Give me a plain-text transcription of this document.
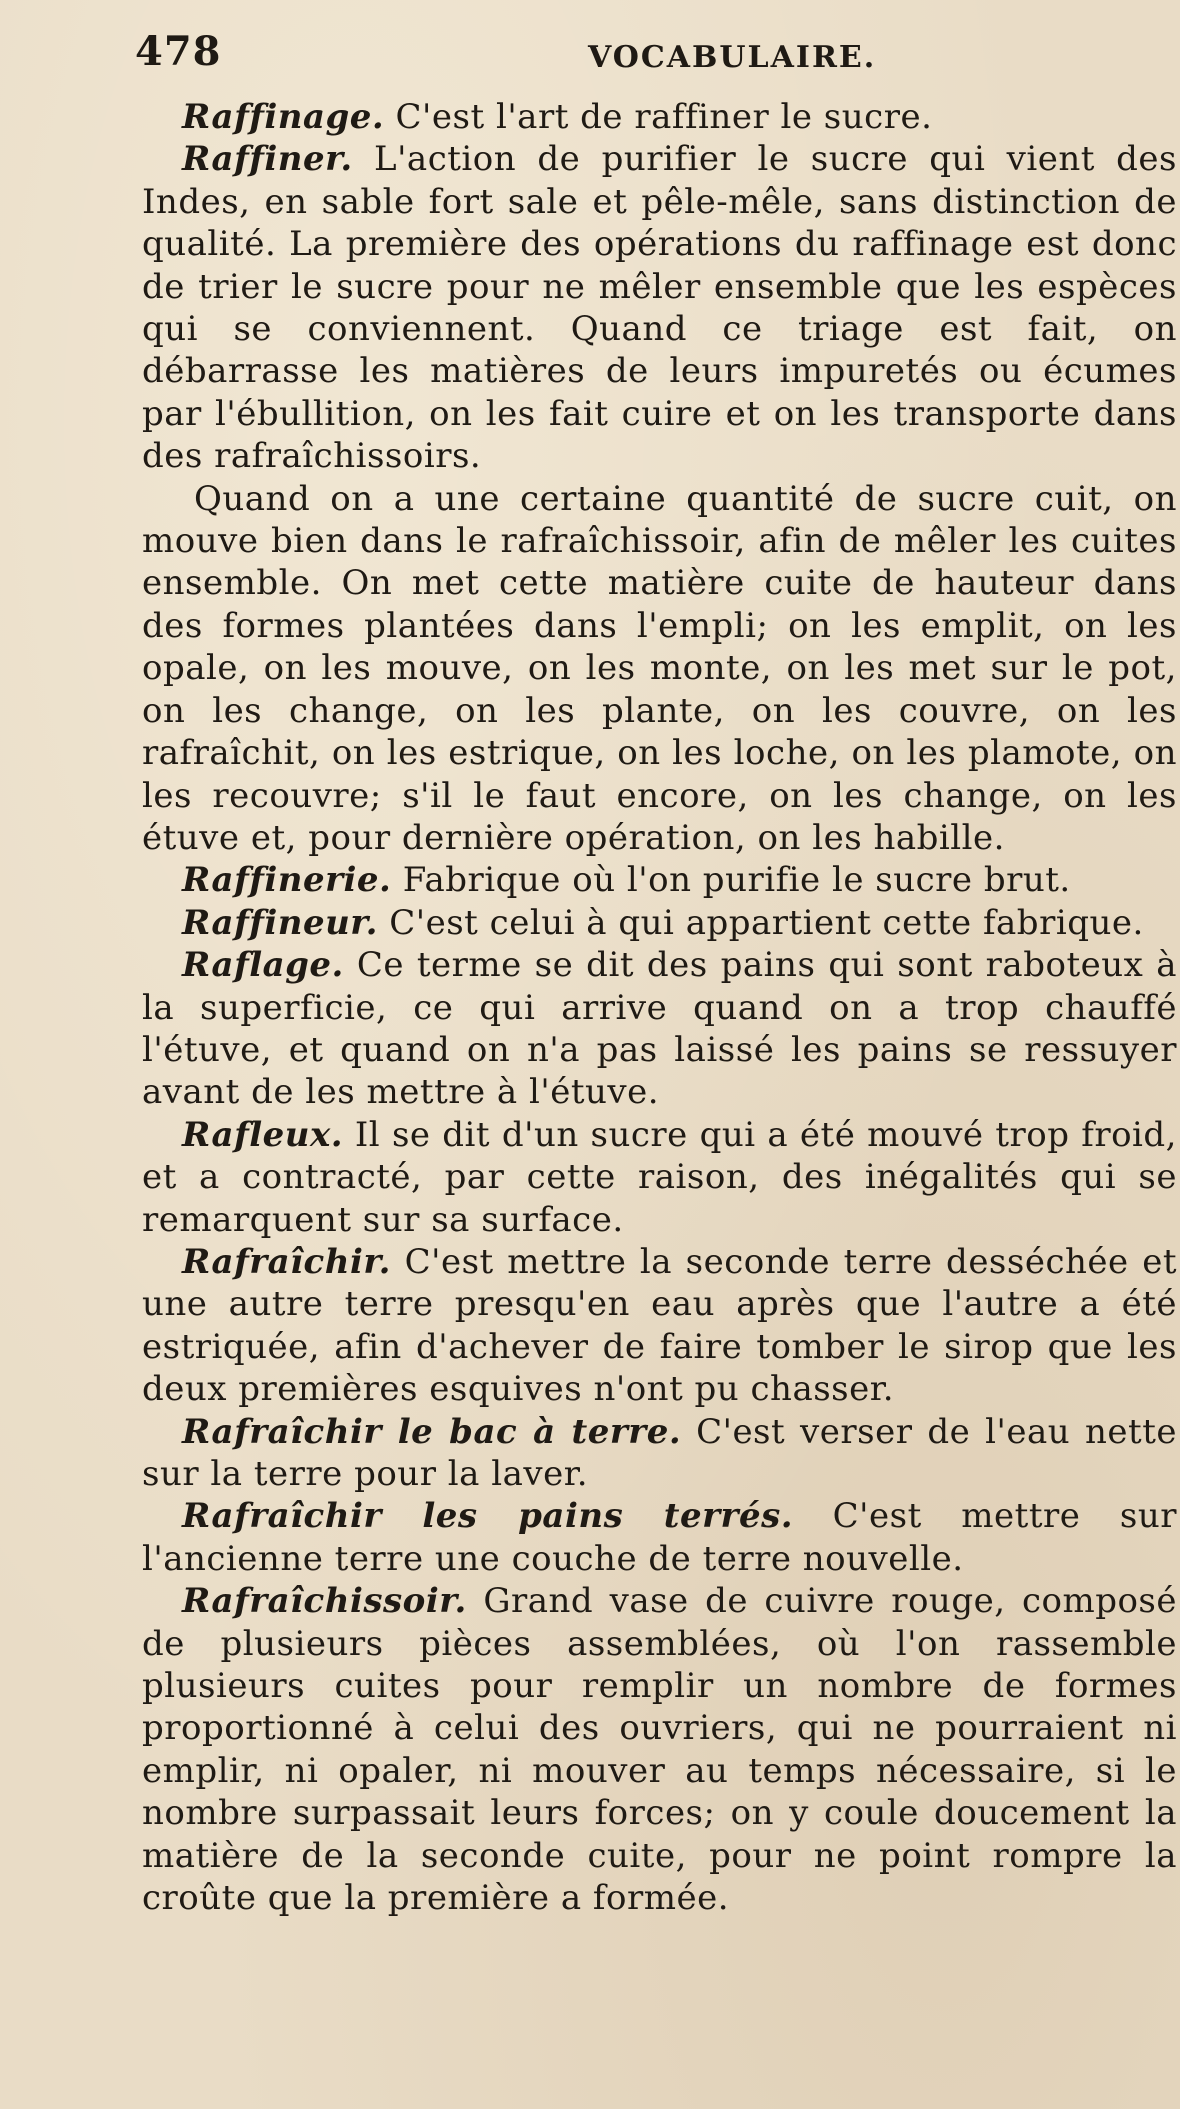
478	VOCABULAIRE.

Raffinage. C'est l'art de raffiner le sucre.

Raffiner. L'action de purifier le sucre qui vient des Indes, en sable fort sale et pêle-mêle, sans distinction de qualité. La première des opérations du raffinage est donc de trier le sucre pour ne mêler ensemble que les espèces qui se conviennent. Quand ce triage est fait, on débarrasse les matières de leurs impuretés ou écumes par l'ébullition, on les fait cuire et on les transporte dans des rafraîchissoirs.

Quand on a une certaine quantité de sucre cuit, on mouve bien dans le rafraîchissoir, afin de mêler les cuites ensemble. On met cette matière cuite de hauteur dans des formes plantées dans l'empli; on les emplit, on les opale, on les mouve, on les monte, on les met sur le pot, on les change, on les plante, on les couvre, on les rafraîchit, on les estrique, on les loche, on les plamote, on les recouvre; s'il le faut encore, on les change, on les étuve et, pour dernière opération, on les habille.

Raffinerie. Fabrique où l'on purifie le sucre brut.

Raffineur. C'est celui à qui appartient cette fabrique.

Raflage. Ce terme se dit des pains qui sont raboteux à la superficie, ce qui arrive quand on a trop chauffé l'étuve, et quand on n'a pas laissé les pains se ressuyer avant de les mettre à l'étuve.

Rafleux. Il se dit d'un sucre qui a été mouvé trop froid, et a contracté, par cette raison, des inégalités qui se remarquent sur sa surface.

Rafraîchir. C'est mettre la seconde terre desséchée et une autre terre presqu'en eau après que l'autre a été estriquée, afin d'achever de faire tomber le sirop que les deux premières esquives n'ont pu chasser.

Rafraîchir le bac à terre. C'est verser de l'eau nette sur la terre pour la laver.

Rafraîchir les pains terrés. C'est mettre sur l'ancienne terre une couche de terre nouvelle.

Rafraîchissoir. Grand vase de cuivre rouge, composé de plusieurs pièces assemblées, où l'on rassemble plusieurs cuites pour remplir un nombre de formes proportionné à celui des ouvriers, qui ne pourraient ni emplir, ni opaler, ni mouver au temps nécessaire, si le nombre surpassait leurs forces; on y coule doucement la matière de la seconde cuite, pour ne point rompre la croûte que la première a formée.
